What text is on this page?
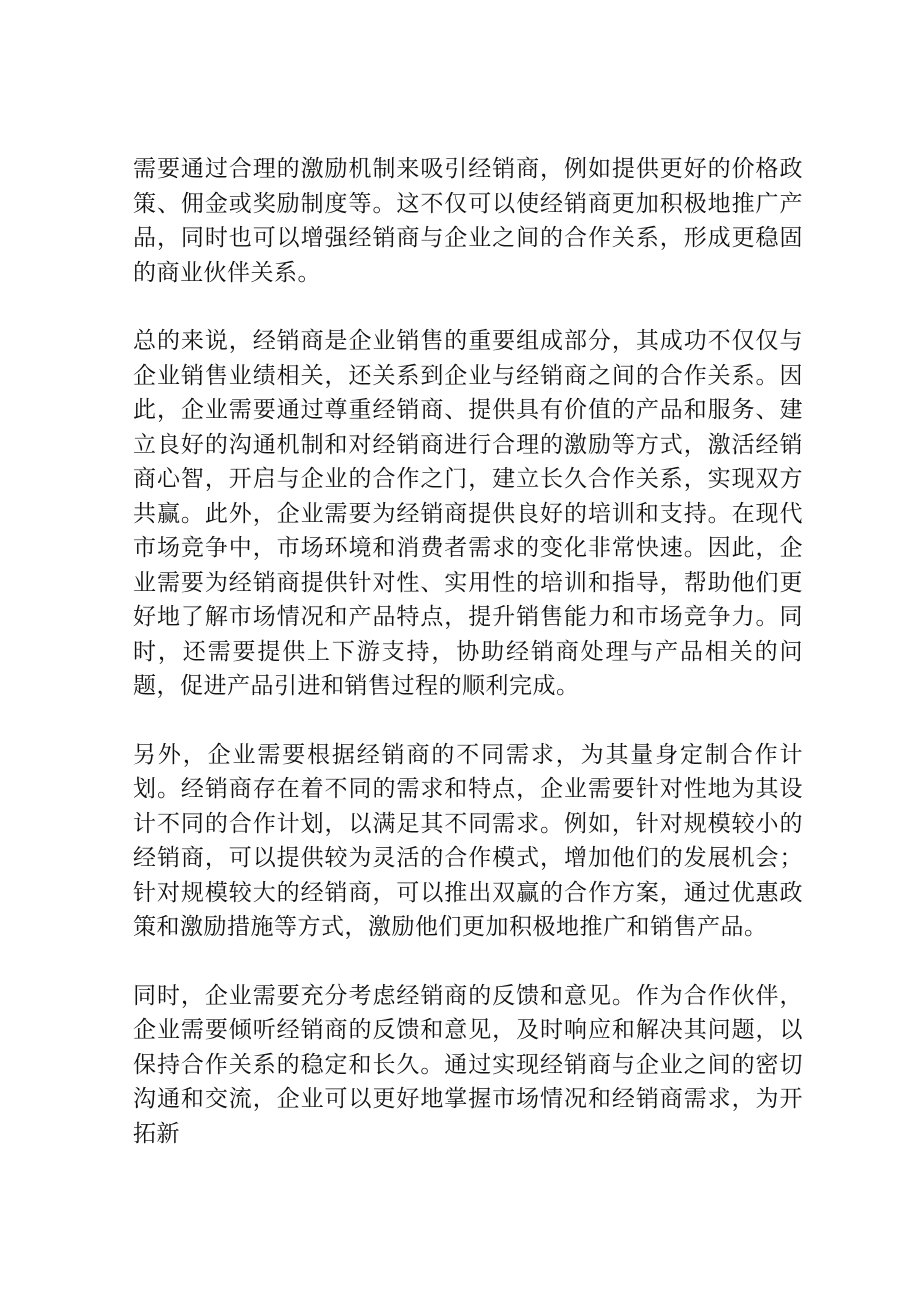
需要通过合理的激励机制来吸引经销商，例如提供更好的价格政策、佣金或奖励制度等。这不仅可以使经销商更加积极地推广产品，同时也可以增强经销商与企业之间的合作关系，形成更稳固的商业伙伴关系。

总的来说，经销商是企业销售的重要组成部分，其成功不仅仅与企业销售业绩相关，还关系到企业与经销商之间的合作关系。因此，企业需要通过尊重经销商、提供具有价值的产品和服务、建立良好的沟通机制和对经销商进行合理的激励等方式，激活经销商心智，开启与企业的合作之门，建立长久合作关系，实现双方共赢。此外，企业需要为经销商提供良好的培训和支持。在现代市场竞争中，市场环境和消费者需求的变化非常快速。因此，企业需要为经销商提供针对性、实用性的培训和指导，帮助他们更好地了解市场情况和产品特点，提升销售能力和市场竞争力。同时，还需要提供上下游支持，协助经销商处理与产品相关的问题，促进产品引进和销售过程的顺利完成。

另外，企业需要根据经销商的不同需求，为其量身定制合作计划。经销商存在着不同的需求和特点，企业需要针对性地为其设计不同的合作计划，以满足其不同需求。例如，针对规模较小的经销商，可以提供较为灵活的合作模式，增加他们的发展机会；针对规模较大的经销商，可以推出双赢的合作方案，通过优惠政策和激励措施等方式，激励他们更加积极地推广和销售产品。

同时，企业需要充分考虑经销商的反馈和意见。作为合作伙伴，企业需要倾听经销商的反馈和意见，及时响应和解决其问题，以保持合作关系的稳定和长久。通过实现经销商与企业之间的密切沟通和交流，企业可以更好地掌握市场情况和经销商需求，为开拓新
